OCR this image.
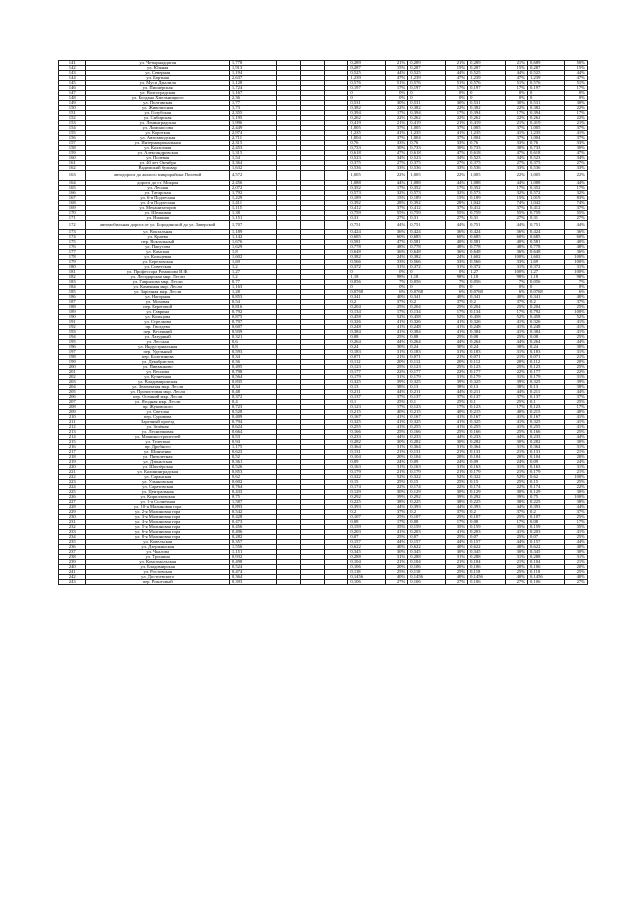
141	ул. Четырнадцатая	1,778				0,289	21%	0,289	21%	0,289	21%	0,689	50%
142	ул. Южная	1,913				0,287	15%	0,287	15%	0,287	15%	0,287	15%
143	ул. Северная	1,194				0,525	44%	0,525	44%	0,525	44%	0,525	44%
144	ул. Бортная	2,637				1,239	47%	1,239	47%	1,239	47%	1,239	47%
145	ул. Муси Джалиля	1,128				0,576	51%	0,576	51%	0,576	51%	0,576	51%
146	ул. Пионерская	1,724				0,197	17%	0,197	17%	0,197	17%	0,197	17%
147	ул. Волгоградская	1,167				0	0%	0	0%	0	0%	0	0%
148	ул. Богдана Хмельницкого	2,36				0	0%	0	0%	0	0%	0	0%
149	ул. Полтавская	1,77				0,531	30%	0,531	30%	0,531	30%	0,531	30%
150	ул. Живописная	1,73				0,382	22%	0,382	22%	0,382	22%	0,382	22%
151	ул. Голубская	2,355				0,394	17%	0,394	17%	0,394	17%	0,394	17%
152	ул. Сибирская	1,195				0,262	22%	0,262	22%	0,262	22%	0,262	22%
153	ул. Ленинградская	1,996				0,419	21%	0,419	21%	0,419	21%	0,419	21%
154	ул. Ломоносова	2,449				1,005	37%	1,005	37%	1,005	37%	1,005	37%
155	ул. Короткая	2,974				1,235	41%	1,235	41%	1,235	41%	1,235	41%
156	ул. Автозаводская	2,711				1,004	37%	1,004	37%	1,004	37%	1,004	37%
157	ул. Интернациональная	2,315				0,76	33%	0,76	33%	0,76	33%	0,76	33%
158	ул. Колхозная	2,453				0,733	30%	0,733	30%	0,733	30%	0,733	30%
159	ул. Александровская	1,315				0,618	47%	0,618	47%	0,618	47%	0,618	47%
160	ул. Полевая	1,54				0,523	34%	0,523	34%	0,523	34%	0,523	34%
161	ул. 40 лет Октября	3,364				0,375	27%	0,375	27%	0,375	27%	0,375	27%
162	Вадимский бульвар	1,632				0,536	33%	0,536	33%	0,536	33%	0,536	33%
163	автодорога до жилого микрорайона Полевой	4,572				1,005	22%	1,005	22%	1,005	22%	1,005	22%
164	дорога до ст. Мокрая	2,456				1,088	44%	1,088	44%	1,088	44%	1,088	44%
165	ул. Лесная	2,072				0,352	17%	0,352	17%	0,352	17%	0,352	17%
166	ул. Татарская	1,792				0,573	32%	0,573	32%	0,573	32%	0,572	32%
167	ул. 6-я Подлесная	1,229				0,189	15%	0,189	15%	0,189	15%	1,019	83%
168	ул. 4-я Подлесная	1,411				0,392	28%	0,392	28%	1,042	74%	1,042	74%
169	ул. Механизаторов	1,115				0,412	37%	0,412	37%	0,412	37%	0,412	37%
170	ул. Шелковая	1,38				0,759	55%	0,759	55%	0,759	55%	0,759	55%
171	ул. Нижняя	1,151				0,31	27%	0,31	27%	0,31	27%	0,31	27%
172	автомобильная дорога от ул. Бородинской до ул. Заверской	1,707				0,751	44%	0,751	44%	0,751	44%	0,751	44%
173	ул. Вокзальная	1,189				0,424	36%	0,424	36%	0,424	36%	0,424	36%
174	ул. Краева	1,142				0,685	60%	0,685	60%	0,685	60%	0,685	60%
175	пер. Вокзальный	1,676				0,581	47%	0,581	40%	0,581	40%	0,581	40%
176	ул. Папусова	1,629				0,778	48%	0,778	48%	0,778	48%	0,778	48%
177	ул. Камская	1,8				0,648	36%	0,648	36%	0,648	36%	0,648	36%
178	ул. Кольцевая	1,602				0,382	24%	0,382	24%	1,602	100%	1,602	100%
179	ул. Березовская	1,69				0,566	33%	0,566	33%	0,566	33%	1,69	100%
180	ул. Советская	1,2				0,372	31%	0,372	31%	0,372	31%	0,372	31%
181	ул. Профессора Ромашова И.Ф.	1,27				0	0%	0	0%	1,27	100%	1,27	100%
182	ул. Лесодарская мкр. Лесли	1,2				1,18	98%	1,18	98%	1,18	98%	1,18	98%
183	ул. Гаврилова мкр. Лесли	0,77				0,056	7%	0,056	7%	0,056	7%	0,056	7%
184	ул. Каменная мкр. Лесли	1,163				0	0%	0	0%	0	0%	0	0%
185	ул. Зарочная мкр. Лесли	1,28				0,0768	6%	0,0768	6%	0,0768	6%	0,0768	6%
186	ул. Нагорная	0,853				0,341	40%	0,341	40%	0,341	40%	0,341	40%
187	ул. Моховая	0,54				0,2	37%	0,2	37%	0,2	37%	0,2	37%
188	пер. Береговой	0,816				0,204	25%	0,204	25%	0,204	25%	0,204	25%
189	ул. Гаврина	0,792				0,134	17%	0,134	17%	0,134	17%	0,792	100%
190	ул. Кольцова	0,875				0,458	52%	0,458	52%	0,458	52%	0,458	52%
191	ул. Стрелкова	0,797				0,326	41%	0,326	41%	0,326	41%	0,326	41%
192	пр. Гвоздева	0,607				0,248	41%	0,248	41%	0,248	41%	0,248	41%
193	пер. Весенний	0,939				0,384	41%	0,384	41%	0,384	41%	0,384	41%
194	ул. Лазурный	0,321				0,08	25%	0,08	25%	0,08	25%	0,08	25%
195	ул. Лесская	0,6				0,264	44%	0,264	44%	0,264	44%	0,264	44%
196	ул. Индустриальная	0,8				0,24	30%	0,24	30%	0,24	30%	0,24	30%
197	пер. Удельный	0,593				0,183	31%	0,183	31%	0,183	31%	0,183	31%
198	пер. Болотинова	0,34				0,071	21%	0,071	21%	0,071	21%	0,071	21%
199	ул. Декабристов	0,56				0,112	20%	0,112	20%	0,112	20%	0,112	20%
200	ул. Пивзанково	0,495				0,123	25%	0,123	25%	0,123	25%	0,123	25%
201	ул. Веснова	0,798				0,177	22%	0,177	22%	0,177	22%	0,177	22%
202	ул. Кузнечная	0,564				0,179	31%	0,179	31%	0,179	31%	0,179	31%
203	ул. Владимировская	0,835				0,325	39%	0,325	39%	0,325	39%	0,325	39%
204	ул. Зеленчатая мкр. Лесли	0,34				0,13	38%	0,13	38%	0,13	38%	0,13	38%
205	ул. Прочистовая мкр. Лесли	0,48				0,211	44%	0,211	44%	0,211	44%	0,211	44%
206	пер. Осенний мкр. Лесли	0,372				0,137	37%	0,137	37%	0,137	37%	0,137	37%
207	ул. Ягодная мкр. Лесли	0,4				0,1	25%	0,1	25%	0,1	25%	0,1	25%
208	пр. Жуковского	0,723				0,123	17%	0,123	17%	0,123	17%	0,123	17%
209	ул. Светлая	0,528				0,215	40%	0,215	40%	0,215	40%	0,215	40%
210	пер. Суровова	0,409				0,167	41%	0,167	41%	0,167	41%	0,167	41%
211	Заречный проезд	0,794				0,325	41%	0,325	41%	0,325	41%	0,325	41%
212	ул. Зелёная	0,624				0,255	41%	0,255	41%	0,255	41%	0,255	41%
213	ул. Лесничковая	0,664				0,166	25%	0,166	25%	0,166	25%	0,166	25%
214	ул. Машиностроителей	0,53				0,233	44%	0,233	44%	0,233	44%	0,233	44%
215	ул. Телегина	0,94				0,282	30%	0,282	30%	0,282	30%	0,282	30%
216	пр. Дробного	1,175				0,364	31%	0,364	31%	0,364	31%	0,364	31%
217	ул. Шинченко	0,623				0,131	21%	0,131	21%	0,131	21%	0,131	21%
218	ул. Пятилетная	0,52				0,104	20%	0,104	20%	0,104	20%	0,104	20%
219	ул. Дзиньзская	0,361				0,09	24%	0,09	24%	0,09	24%	0,09	24%
220	ул. Шахтёрская	0,526				0,163	31%	0,163	31%	0,163	31%	0,163	31%
221	ул. Калининградская	0,853				0,179	21%	0,179	21%	0,179	21%	0,179	21%
222	ул. Саранская	0,62				0,322	52%	0,322	52%	0,322	52%	0,62	100%
223	ул. Ульяновская	0,602				0,15	25%	0,15	25%	0,15	25%	0,15	25%
224	ул. Саратовская	0,764				0,174	22%	0,174	22%	0,174	22%	0,174	22%
225	ул. Центральная	0,433				0,129	30%	0,129	30%	0,129	30%	0,129	30%
226	ул. Кирилловская	0,75				0,292	39%	0,292	39%	0,292	39%	0,75	100%
227	ул. 1-я Солнечная	1,587				0,225	38%	0,225	38%	0,225	38%	0,225	38%
228	ул. 10-я Малиновая гора	0,893				0,393	44%	0,393	44%	0,393	44%	0,393	44%
229	ул. 2-я Малиновая гора	0,542				0,2	37%	0,2	37%	0,2	37%	0,2	37%
230	ул. 3-я Малиновая гора	0,428				0,107	25%	0,107	25%	0,107	25%	0,107	25%
231	ул. 4-я Малиновая гора	0,473				0,08	17%	0,08	17%	0,08	17%	0,08	17%
232	ул. 5-я Малиновая гора	0,456				0,159	35%	0,159	35%	0,159	35%	0,159	35%
233	ул. 6-я Малиновая гора	0,496				0,203	41%	0,203	41%	0,203	41%	0,203	41%
234	ул. 8-я Малиновая гора	0,282				0,07	25%	0,07	25%	0,07	25%	0,07	25%
235	ул. Ковельская	0,357				0,157	44%	0,157	44%	0,157	44%	0,157	44%
236	ул. Дзержинская	1,556				0,622	40%	0,622	40%	0,622	40%	0,622	40%
237	ул. Чкалова	1,151				0,345	30%	0,345	30%	0,345	30%	0,345	30%
238	ул. Трошина	0,932				0,288	31%	0,288	31%	0,288	31%	0,288	31%
239	ул. Комсомольская	0,498				0,104	21%	0,104	21%	0,104	21%	0,104	21%
240	ул. Бладимирская	0,524				0,106	20%	0,106	20%	0,106	20%	0,106	20%
241	ул. Ростовская	0,474				0,118	25%	0,118	25%	0,118	25%	0,118	25%
242	ул. Достоевского	0,364				0,1456	40%	0,1456	40%	0,1456	40%	0,1456	40%
243	пер. Рокотовый	0,393				0,106	27%	0,106	27%	0,106	27%	0,106	27%
